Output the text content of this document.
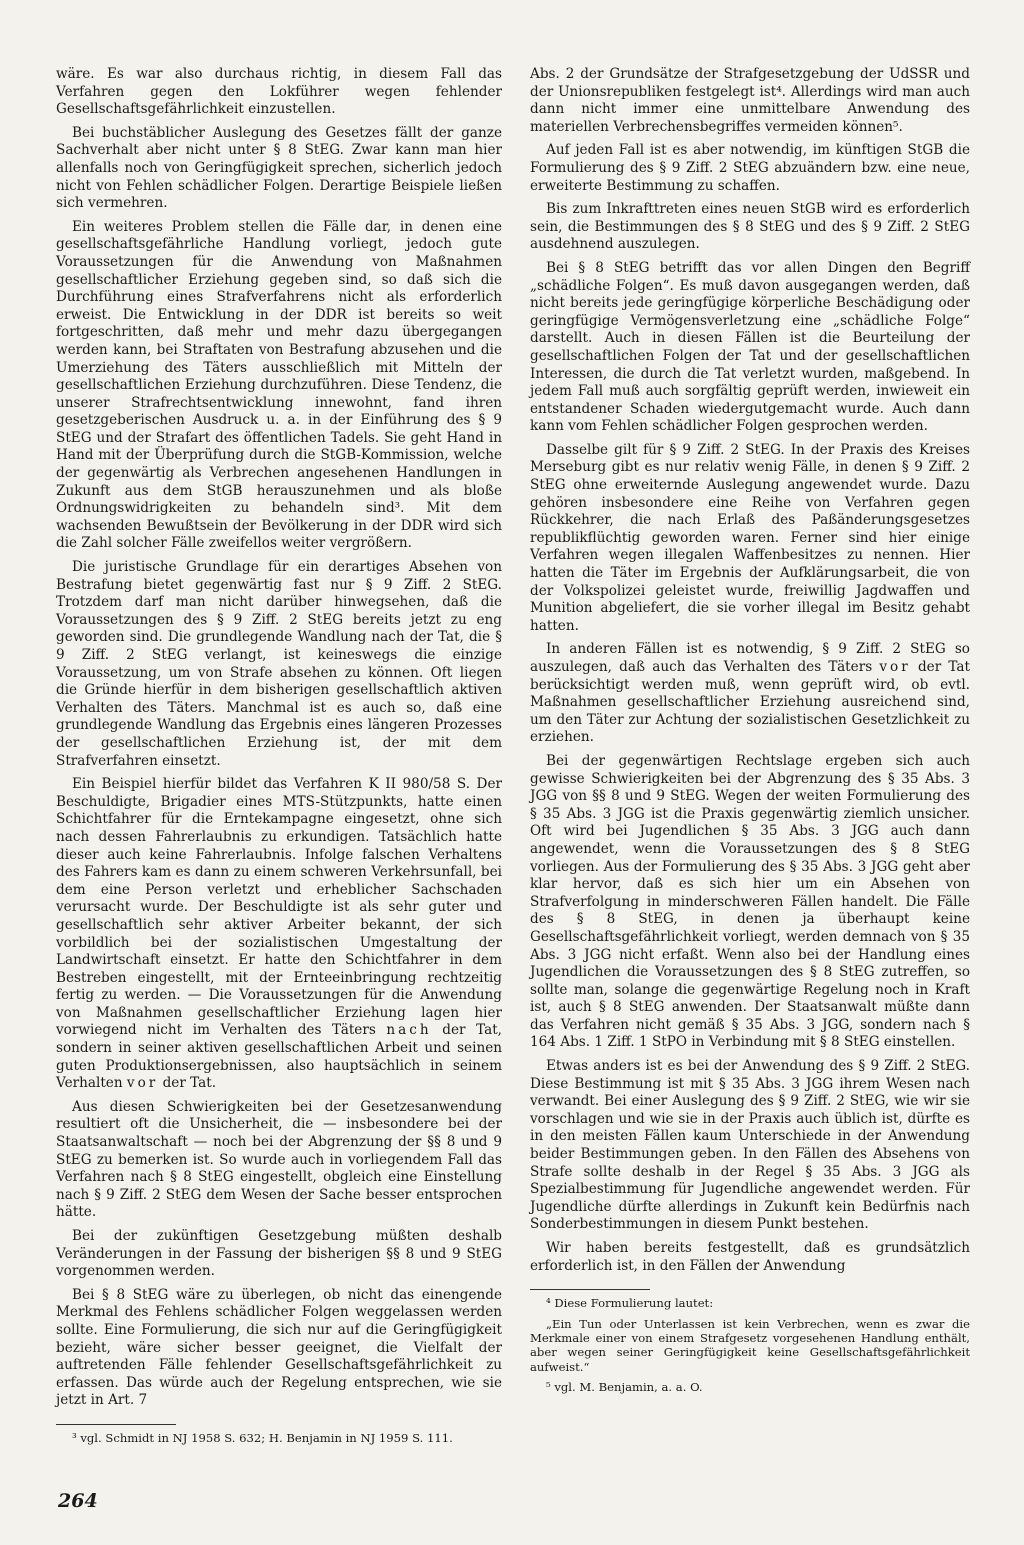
wäre. Es war also durchaus richtig, in diesem Fall das Verfahren gegen den Lokführer wegen fehlender Gesellschaftsgefährlichkeit einzustellen.

Bei buchstäblicher Auslegung des Gesetzes fällt der ganze Sachverhalt aber nicht unter § 8 StEG. Zwar kann man hier allenfalls noch von Geringfügigkeit sprechen, sicherlich jedoch nicht von Fehlen schädlicher Folgen. Derartige Beispiele ließen sich vermehren.

Ein weiteres Problem stellen die Fälle dar, in denen eine gesellschaftsgefährliche Handlung vorliegt, jedoch gute Voraussetzungen für die Anwendung von Maßnahmen gesellschaftlicher Erziehung gegeben sind, so daß sich die Durchführung eines Strafverfahrens nicht als erforderlich erweist. Die Entwicklung in der DDR ist bereits so weit fortgeschritten, daß mehr und mehr dazu übergegangen werden kann, bei Straftaten von Bestrafung abzusehen und die Umerziehung des Täters ausschließlich mit Mitteln der gesellschaftlichen Erziehung durchzuführen. Diese Tendenz, die unserer Strafrechtsentwicklung innewohnt, fand ihren gesetzgeberischen Ausdruck u. a. in der Einführung des § 9 StEG und der Strafart des öffentlichen Tadels. Sie geht Hand in Hand mit der Überprüfung durch die StGB-Kommission, welche der gegenwärtig als Verbrechen angesehenen Handlungen in Zukunft aus dem StGB herauszunehmen und als bloße Ordnungswidrigkeiten zu behandeln sind³. Mit dem wachsenden Bewußtsein der Bevölkerung in der DDR wird sich die Zahl solcher Fälle zweifellos weiter vergrößern.

Die juristische Grundlage für ein derartiges Absehen von Bestrafung bietet gegenwärtig fast nur § 9 Ziff. 2 StEG. Trotzdem darf man nicht darüber hinwegsehen, daß die Voraussetzungen des § 9 Ziff. 2 StEG bereits jetzt zu eng geworden sind. Die grundlegende Wandlung nach der Tat, die § 9 Ziff. 2 StEG verlangt, ist keineswegs die einzige Voraussetzung, um von Strafe absehen zu können. Oft liegen die Gründe hierfür in dem bisherigen gesellschaftlich aktiven Verhalten des Täters. Manchmal ist es auch so, daß eine grundlegende Wandlung das Ergebnis eines längeren Prozesses der gesellschaftlichen Erziehung ist, der mit dem Strafverfahren einsetzt.

Ein Beispiel hierfür bildet das Verfahren K II 980/58 S. Der Beschuldigte, Brigadier eines MTS-Stützpunkts, hatte einen Schichtfahrer für die Erntekampagne eingesetzt, ohne sich nach dessen Fahrerlaubnis zu erkundigen. Tatsächlich hatte dieser auch keine Fahrerlaubnis. Infolge falschen Verhaltens des Fahrers kam es dann zu einem schweren Verkehrsunfall, bei dem eine Person verletzt und erheblicher Sachschaden verursacht wurde. Der Beschuldigte ist als sehr guter und gesellschaftlich sehr aktiver Arbeiter bekannt, der sich vorbildlich bei der sozialistischen Umgestaltung der Landwirtschaft einsetzt. Er hatte den Schichtfahrer in dem Bestreben eingestellt, mit der Ernteeinbringung rechtzeitig fertig zu werden. — Die Voraussetzungen für die Anwendung von Maßnahmen gesellschaftlicher Erziehung lagen hier vorwiegend nicht im Verhalten des Täters nach der Tat, sondern in seiner aktiven gesellschaftlichen Arbeit und seinen guten Produktionsergebnissen, also hauptsächlich in seinem Verhalten vor der Tat.

Aus diesen Schwierigkeiten bei der Gesetzesanwendung resultiert oft die Unsicherheit, die — insbesondere bei der Staatsanwaltschaft — noch bei der Abgrenzung der §§ 8 und 9 StEG zu bemerken ist. So wurde auch in vorliegendem Fall das Verfahren nach § 8 StEG eingestellt, obgleich eine Einstellung nach § 9 Ziff. 2 StEG dem Wesen der Sache besser entsprochen hätte.

Bei der zukünftigen Gesetzgebung müßten deshalb Veränderungen in der Fassung der bisherigen §§ 8 und 9 StEG vorgenommen werden.

Bei § 8 StEG wäre zu überlegen, ob nicht das einengende Merkmal des Fehlens schädlicher Folgen weggelassen werden sollte. Eine Formulierung, die sich nur auf die Geringfügigkeit bezieht, wäre sicher besser geeignet, die Vielfalt der auftretenden Fälle fehlender Gesellschaftsgefährlichkeit zu erfassen. Das würde auch der Regelung entsprechen, wie sie jetzt in Art. 7

³ vgl. Schmidt in NJ 1958 S. 632; H. Benjamin in NJ 1959 S. 111.

Abs. 2 der Grundsätze der Strafgesetzgebung der UdSSR und der Unionsrepubliken festgelegt ist⁴. Allerdings wird man auch dann nicht immer eine unmittelbare Anwendung des materiellen Verbrechensbegriffes vermeiden können⁵.

Auf jeden Fall ist es aber notwendig, im künftigen StGB die Formulierung des § 9 Ziff. 2 StEG abzuändern bzw. eine neue, erweiterte Bestimmung zu schaffen.

Bis zum Inkrafttreten eines neuen StGB wird es erforderlich sein, die Bestimmungen des § 8 StEG und des § 9 Ziff. 2 StEG ausdehnend auszulegen.

Bei § 8 StEG betrifft das vor allen Dingen den Begriff „schädliche Folgen“. Es muß davon ausgegangen werden, daß nicht bereits jede geringfügige körperliche Beschädigung oder geringfügige Vermögensverletzung eine „schädliche Folge“ darstellt. Auch in diesen Fällen ist die Beurteilung der gesellschaftlichen Folgen der Tat und der gesellschaftlichen Interessen, die durch die Tat verletzt wurden, maßgebend. In jedem Fall muß auch sorgfältig geprüft werden, inwieweit ein entstandener Schaden wiedergutgemacht wurde. Auch dann kann vom Fehlen schädlicher Folgen gesprochen werden.

Dasselbe gilt für § 9 Ziff. 2 StEG. In der Praxis des Kreises Merseburg gibt es nur relativ wenig Fälle, in denen § 9 Ziff. 2 StEG ohne erweiternde Auslegung angewendet wurde. Dazu gehören insbesondere eine Reihe von Verfahren gegen Rückkehrer, die nach Erlaß des Paßänderungsgesetzes republikflüchtig geworden waren. Ferner sind hier einige Verfahren wegen illegalen Waffenbesitzes zu nennen. Hier hatten die Täter im Ergebnis der Aufklärungsarbeit, die von der Volkspolizei geleistet wurde, freiwillig Jagdwaffen und Munition abgeliefert, die sie vorher illegal im Besitz gehabt hatten.

In anderen Fällen ist es notwendig, § 9 Ziff. 2 StEG so auszulegen, daß auch das Verhalten des Täters vor der Tat berücksichtigt werden muß, wenn geprüft wird, ob evtl. Maßnahmen gesellschaftlicher Erziehung ausreichend sind, um den Täter zur Achtung der sozialistischen Gesetzlichkeit zu erziehen.

Bei der gegenwärtigen Rechtslage ergeben sich auch gewisse Schwierigkeiten bei der Abgrenzung des § 35 Abs. 3 JGG von §§ 8 und 9 StEG. Wegen der weiten Formulierung des § 35 Abs. 3 JGG ist die Praxis gegenwärtig ziemlich unsicher. Oft wird bei Jugendlichen § 35 Abs. 3 JGG auch dann angewendet, wenn die Voraussetzungen des § 8 StEG vorliegen. Aus der Formulierung des § 35 Abs. 3 JGG geht aber klar hervor, daß es sich hier um ein Absehen von Strafverfolgung in minderschweren Fällen handelt. Die Fälle des § 8 StEG, in denen ja überhaupt keine Gesellschaftsgefährlichkeit vorliegt, werden demnach von § 35 Abs. 3 JGG nicht erfaßt. Wenn also bei der Handlung eines Jugendlichen die Voraussetzungen des § 8 StEG zutreffen, so sollte man, solange die gegenwärtige Regelung noch in Kraft ist, auch § 8 StEG anwenden. Der Staatsanwalt müßte dann das Verfahren nicht gemäß § 35 Abs. 3 JGG, sondern nach § 164 Abs. 1 Ziff. 1 StPO in Verbindung mit § 8 StEG einstellen.

Etwas anders ist es bei der Anwendung des § 9 Ziff. 2 StEG. Diese Bestimmung ist mit § 35 Abs. 3 JGG ihrem Wesen nach verwandt. Bei einer Auslegung des § 9 Ziff. 2 StEG, wie wir sie vorschlagen und wie sie in der Praxis auch üblich ist, dürfte es in den meisten Fällen kaum Unterschiede in der Anwendung beider Bestimmungen geben. In den Fällen des Absehens von Strafe sollte deshalb in der Regel § 35 Abs. 3 JGG als Spezialbestimmung für Jugendliche angewendet werden. Für Jugendliche dürfte allerdings in Zukunft kein Bedürfnis nach Sonderbestimmungen in diesem Punkt bestehen.

Wir haben bereits festgestellt, daß es grundsätzlich erforderlich ist, in den Fällen der Anwendung

⁴ Diese Formulierung lautet:

„Ein Tun oder Unterlassen ist kein Verbrechen, wenn es zwar die Merkmale einer von einem Strafgesetz vorgesehenen Handlung enthält, aber wegen seiner Geringfügigkeit keine Gesellschaftsgefährlichkeit aufweist.“

⁵ vgl. M. Benjamin, a. a. O.

264
